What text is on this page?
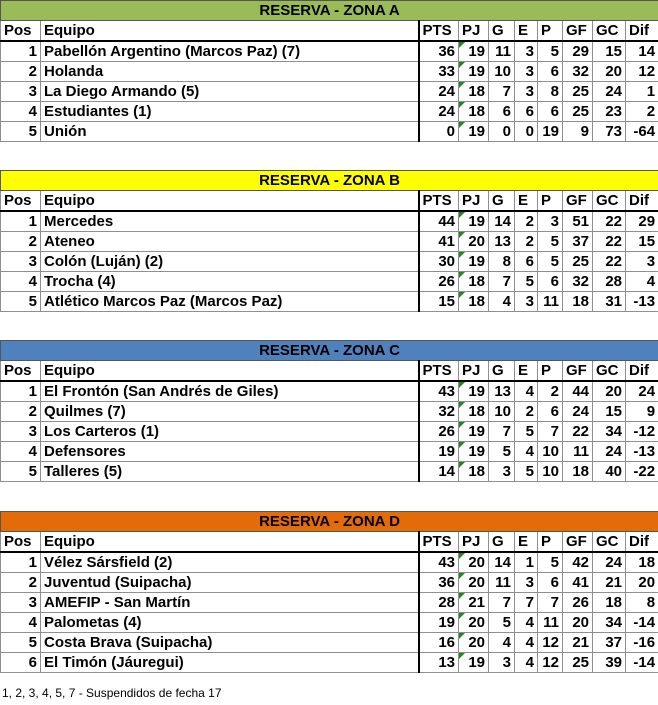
RESERVA - ZONA A									
Pos	Equipo	PTS	PJ	G	E	P	GF	GC	Dif
1	Pabellón Argentino (Marcos Paz) (7)	36	19	11	3	5	29	15	14
2	Holanda	33	19	10	3	6	32	20	12
3	La Diego Armando (5)	24	18	7	3	8	25	24	1
4	Estudiantes (1)	24	18	6	6	6	25	23	2
5	Unión	0	19	0	0	19	9	73	-64
RESERVA - ZONA B									
Pos	Equipo	PTS	PJ	G	E	P	GF	GC	Dif
1	Mercedes	44	19	14	2	3	51	22	29
2	Ateneo	41	20	13	2	5	37	22	15
3	Colón (Luján) (2)	30	19	8	6	5	25	22	3
4	Trocha (4)	26	18	7	5	6	32	28	4
5	Atlético Marcos Paz (Marcos Paz)	15	18	4	3	11	18	31	-13
RESERVA - ZONA C									
Pos	Equipo	PTS	PJ	G	E	P	GF	GC	Dif
1	El Frontón (San Andrés de Giles)	43	19	13	4	2	44	20	24
2	Quilmes (7)	32	18	10	2	6	24	15	9
3	Los Carteros (1)	26	19	7	5	7	22	34	-12
4	Defensores	19	19	5	4	10	11	24	-13
5	Talleres (5)	14	18	3	5	10	18	40	-22
RESERVA - ZONA D									
Pos	Equipo	PTS	PJ	G	E	P	GF	GC	Dif
1	Vélez Sársfield (2)	43	20	14	1	5	42	24	18
2	Juventud (Suipacha)	36	20	11	3	6	41	21	20
3	AMEFIP - San Martín	28	21	7	7	7	26	18	8
4	Palometas (4)	19	20	5	4	11	20	34	-14
5	Costa Brava (Suipacha)	16	20	4	4	12	21	37	-16
6	El Timón (Jáuregui)	13	19	3	4	12	25	39	-14
1, 2, 3, 4, 5, 7 - Suspendidos de fecha 17
